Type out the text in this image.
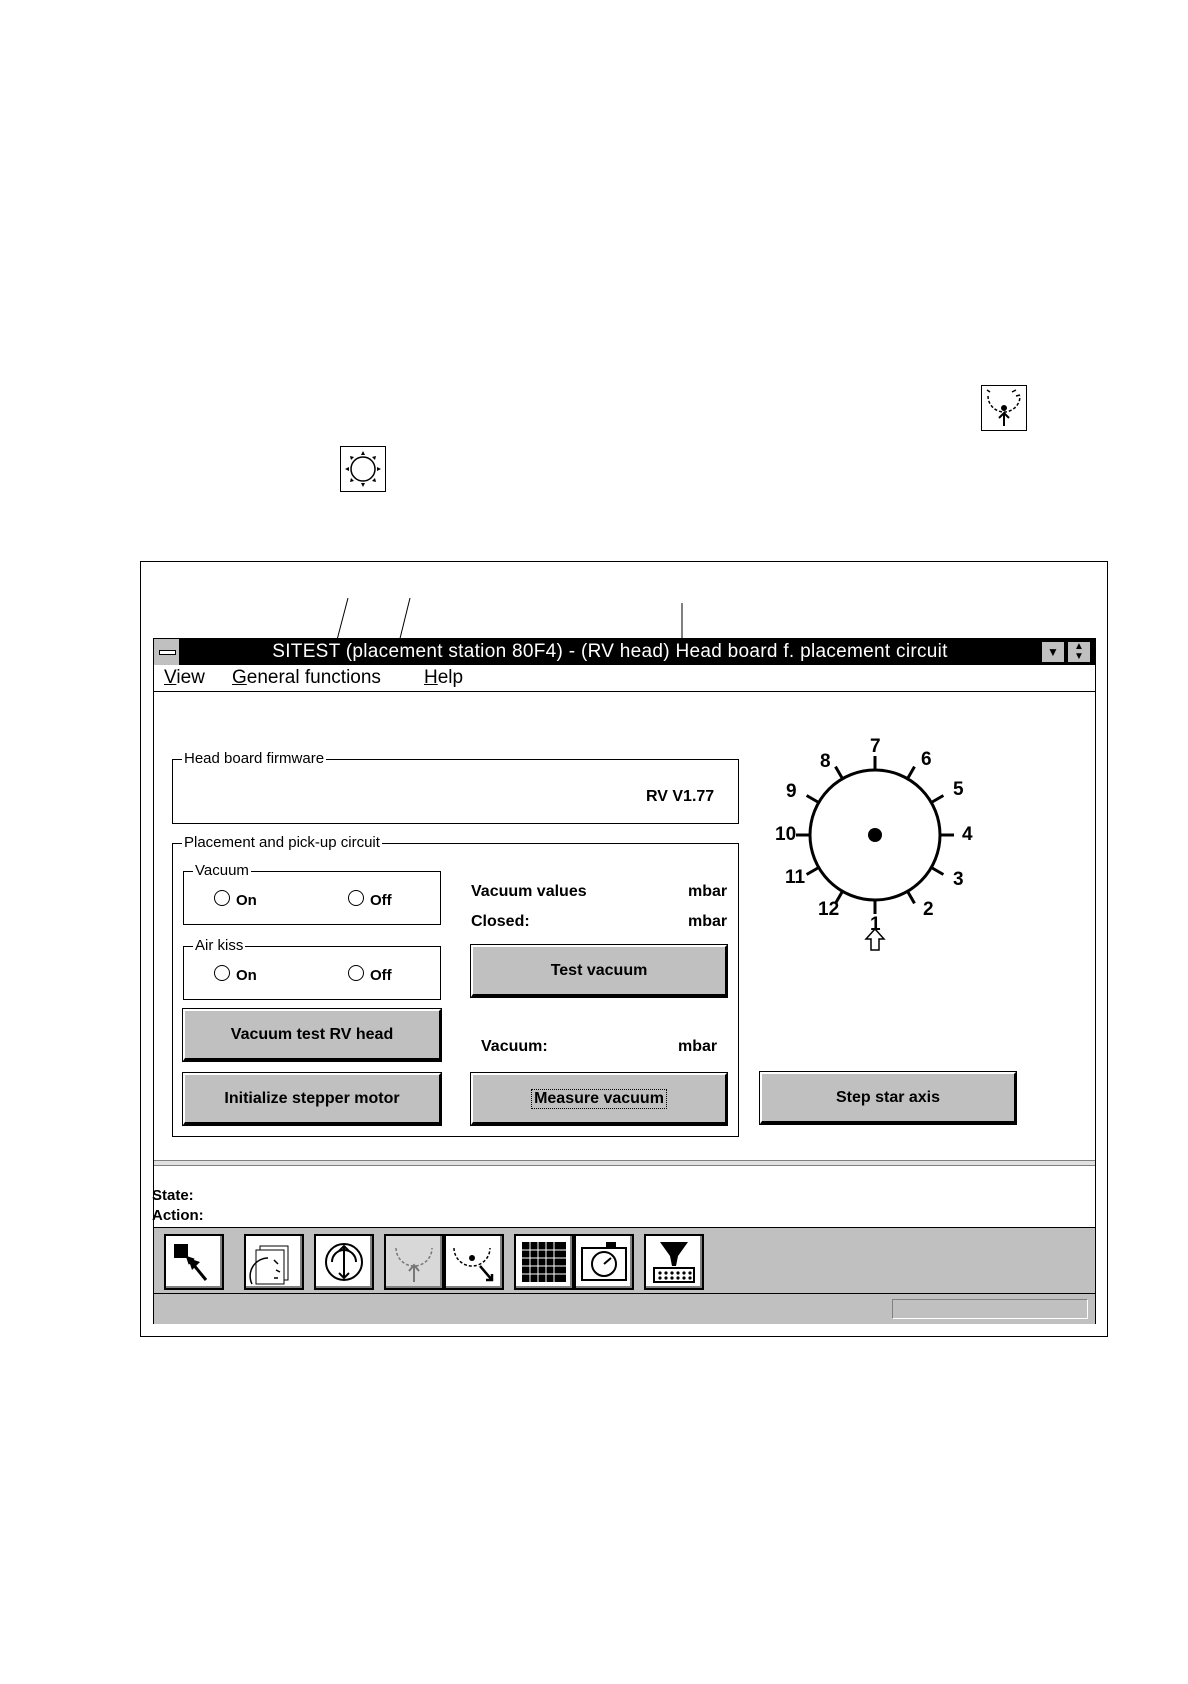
SITEST (placement station 80F4) - (RV head) Head board f. placement circuit	▼	▲
▼
View General functions Help
Head board firmware
RV V1.77
Placement and pick-up circuit
Vacuum
On	Off
Air kiss
On	Off
Vacuum values	mbar
Closed:	mbar
Test vacuum
Vacuum test RV head
Vacuum:	mbar
Initialize stepper motor	Measure vacuum
1
2
3
4
5
6
7
8
9
10
11
12
Step star axis
State:
Action:
